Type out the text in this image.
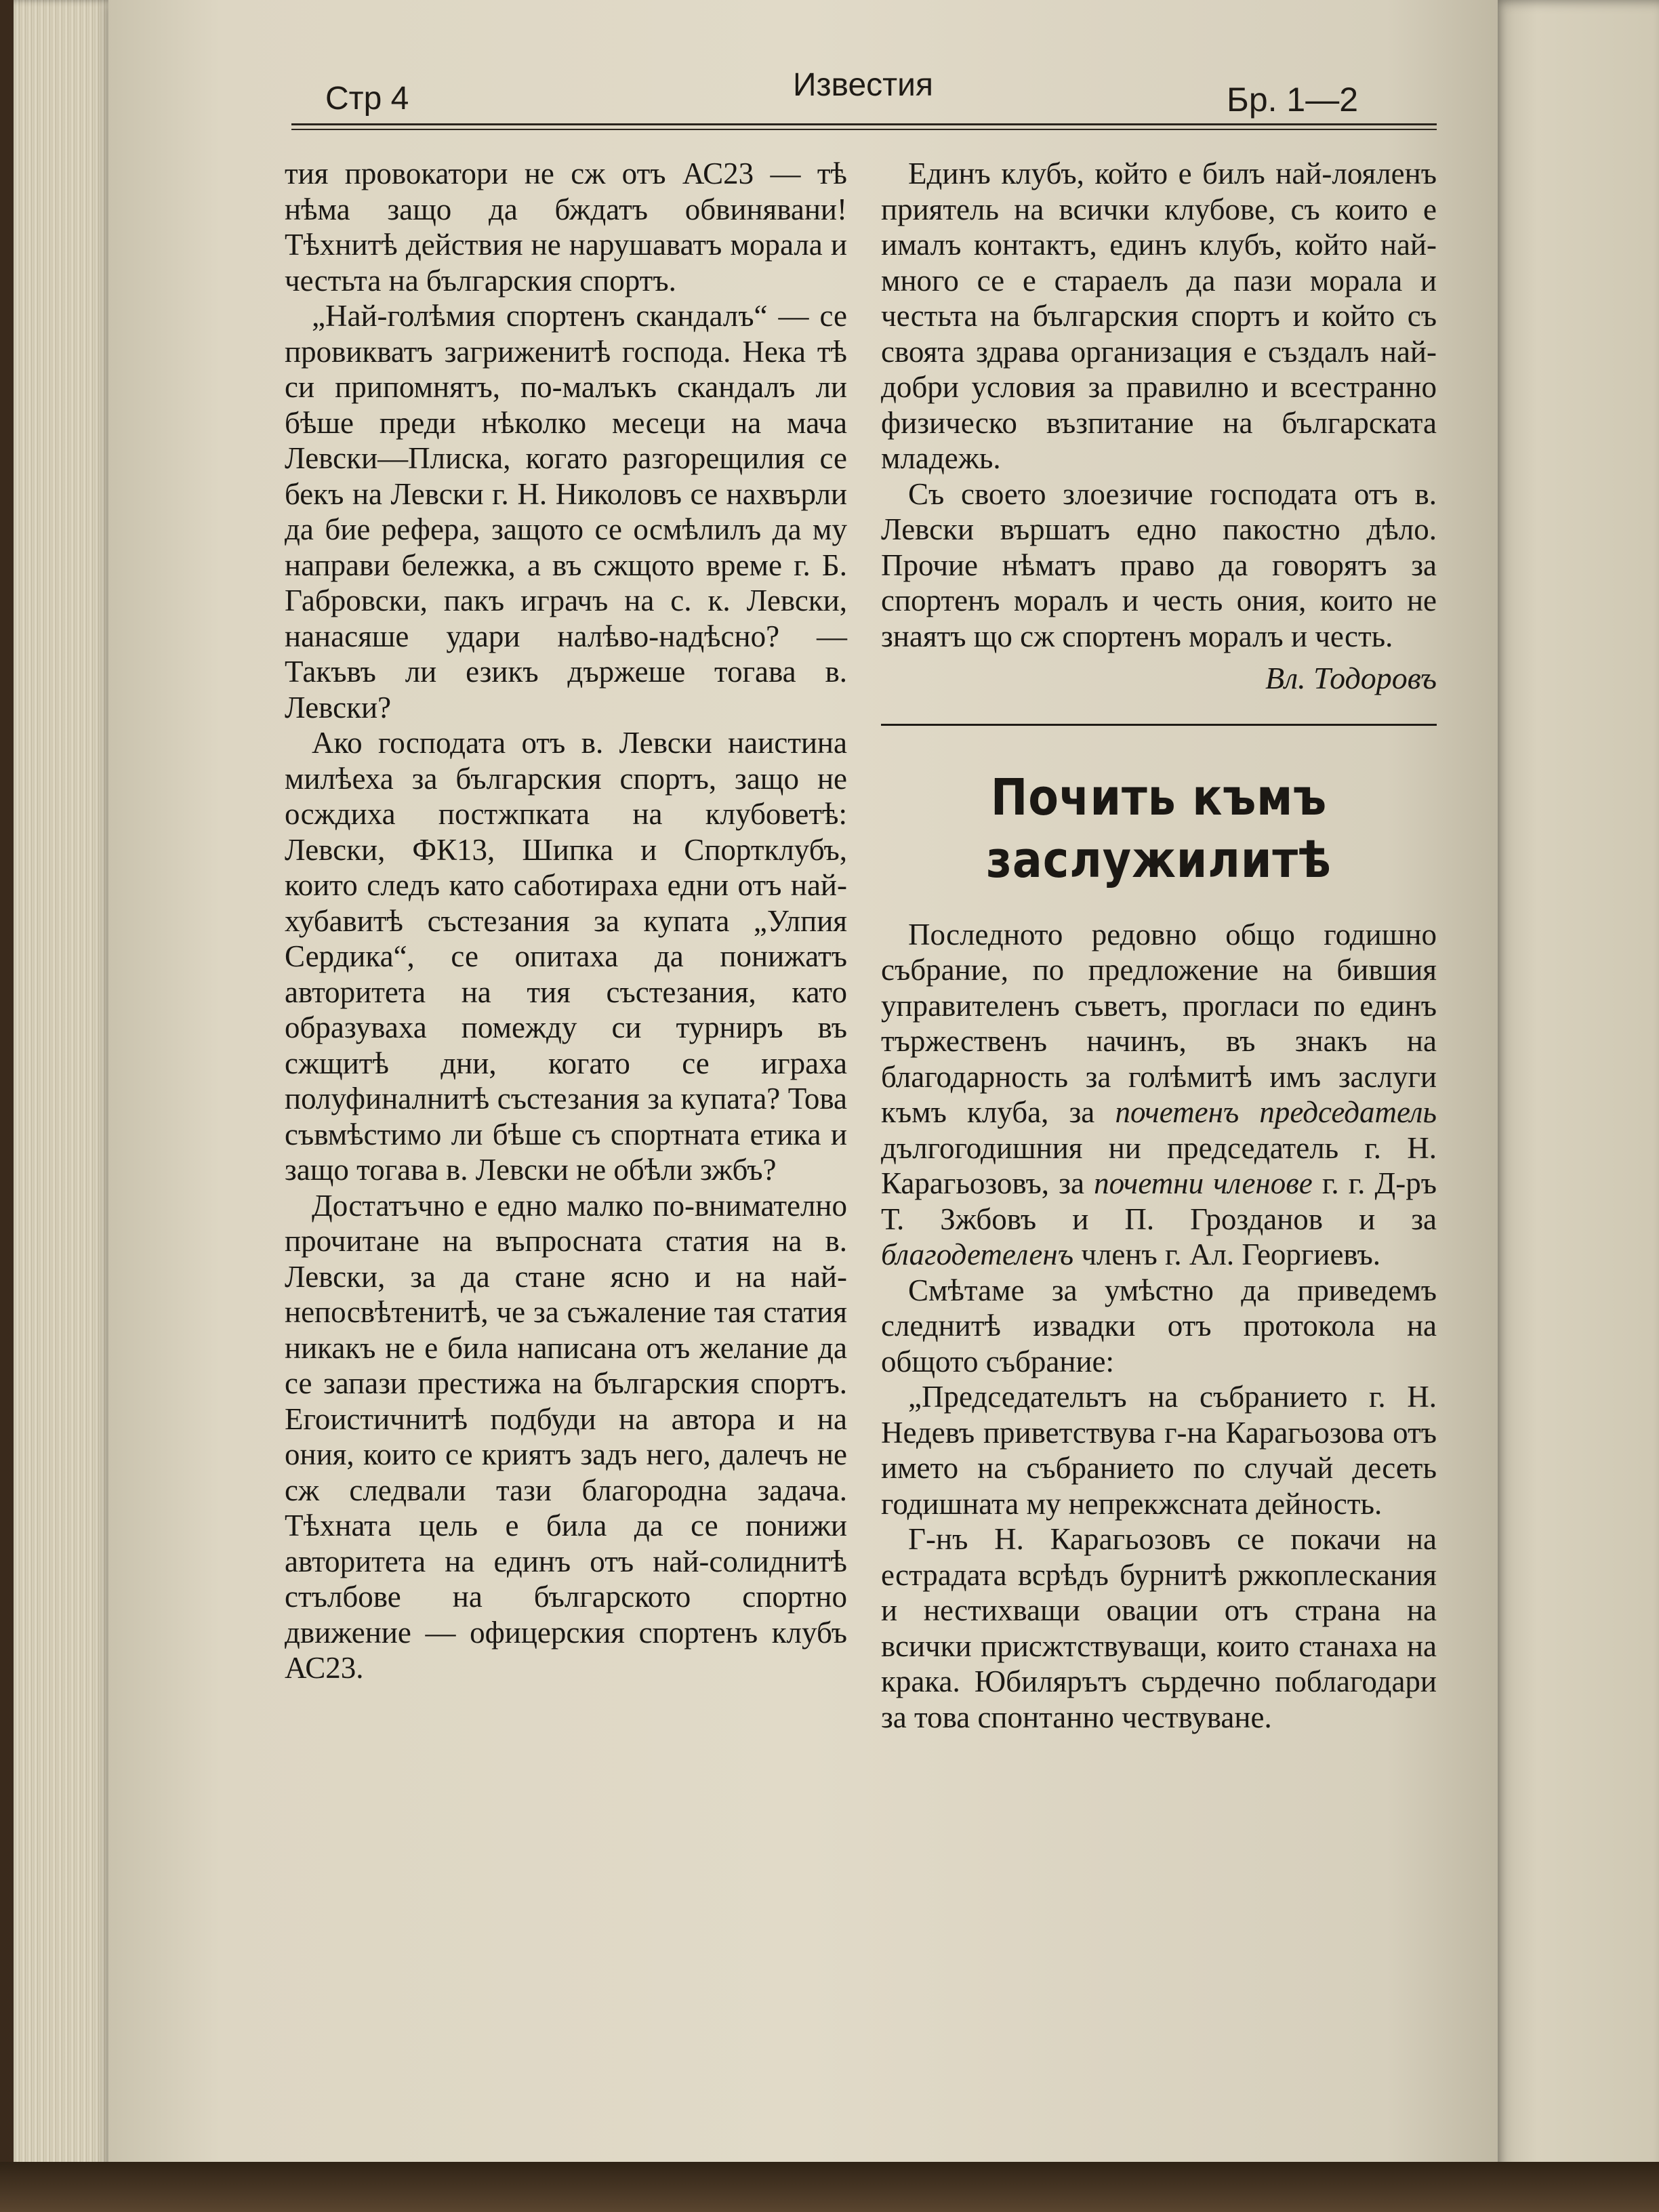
Стр 4	Известия	Бр. 1—2

тия провокатори не сж отъ АС23 — тѣ нѣма защо да бждатъ обвинявани! Тѣхнитѣ действия не нарушаватъ морала и честьта на българския спортъ.

„Най-голѣмия спортенъ скандалъ“ — се провикватъ загриженитѣ господа. Нека тѣ си припомнятъ, по-малъкъ скандалъ ли бѣше преди нѣколко месеци на мача Левски—Плиска, когато разгорещилия се бекъ на Левски г. Н. Николовъ се нахвърли да бие рефера, защото се осмѣлилъ да му направи бележка, а въ сжщото време г. Б. Габровски, пакъ играчъ на с. к. Левски, нанасяше удари налѣво-надѣсно? — Такъвъ ли езикъ държеше тогава в. Левски?

Ако господата отъ в. Левски наистина милѣеха за българския спортъ, защо не осждиха постжпката на клубоветѣ: Левски, ФК13, Шипка и Спортклубъ, които следъ като саботираха едни отъ най-хубавитѣ състезания за купата „Улпия Сердика“, се опитаха да понижатъ авторитета на тия състезания, като образуваха помежду си турниръ въ сжщитѣ дни, когато се играха полуфиналнитѣ състезания за купата? Това съвмѣстимо ли бѣше съ спортната етика и защо тогава в. Левски не обѣли зжбъ?

Достатъчно е едно малко по-внимателно прочитане на въпросната статия на в. Левски, за да стане ясно и на най-непосвѣтенитѣ, че за съжаление тая статия никакъ не е била написана отъ желание да се запази престижа на българския спортъ. Егоистичнитѣ подбуди на автора и на ония, които се криятъ задъ него, далечъ не сж следвали тази благородна задача. Тѣхната цель е била да се понижи авторитета на единъ отъ най-солиднитѣ стълбове на българското спортно движение — офицерския спортенъ клубъ АС23.

Единъ клубъ, който е билъ най-лояленъ приятель на всички клубове, съ които е ималъ контактъ, единъ клубъ, който най-много се е стараелъ да пази морала и честьта на българския спортъ и който съ своята здрава организация е създалъ най-добри условия за правилно и всестранно физическо възпитание на българската младежь.

Съ своето злоезичие господата отъ в. Левски вършатъ едно пакостно дѣло. Прочие нѣматъ право да говорятъ за спортенъ моралъ и честь ония, които не знаятъ що сж спортенъ моралъ и честь.

Вл. Тодоровъ
Почить къмъ заслужилитѣ

Последното редовно общо годишно събрание, по предложение на бившия управителенъ съветъ, прогласи по единъ тържественъ начинъ, въ знакъ на благодарность за голѣмитѣ имъ заслуги къмъ клуба, за почетенъ председатель дългогодишния ни председатель г. Н. Карагьозовъ, за почетни членове г. г. Д-ръ Т. Зжбовъ и П. Грозданов и за благодетеленъ членъ г. Ал. Георгиевъ.

Смѣтаме за умѣстно да приведемъ следнитѣ извадки отъ протокола на общото събрание:

„Председательтъ на събранието г. Н. Недевъ приветствува г-на Карагьозова отъ името на събранието по случай десеть годишната му непрекжснатa дейность.

Г-нъ Н. Карагьозовъ се покачи на естрадата всрѣдъ бурнитѣ ржкоплескания и нестихващи овации отъ страна на всички присжтствуващи, които станаха на крака. Юбилярътъ сърдечно поблагодари за това спонтанно чествуване.
